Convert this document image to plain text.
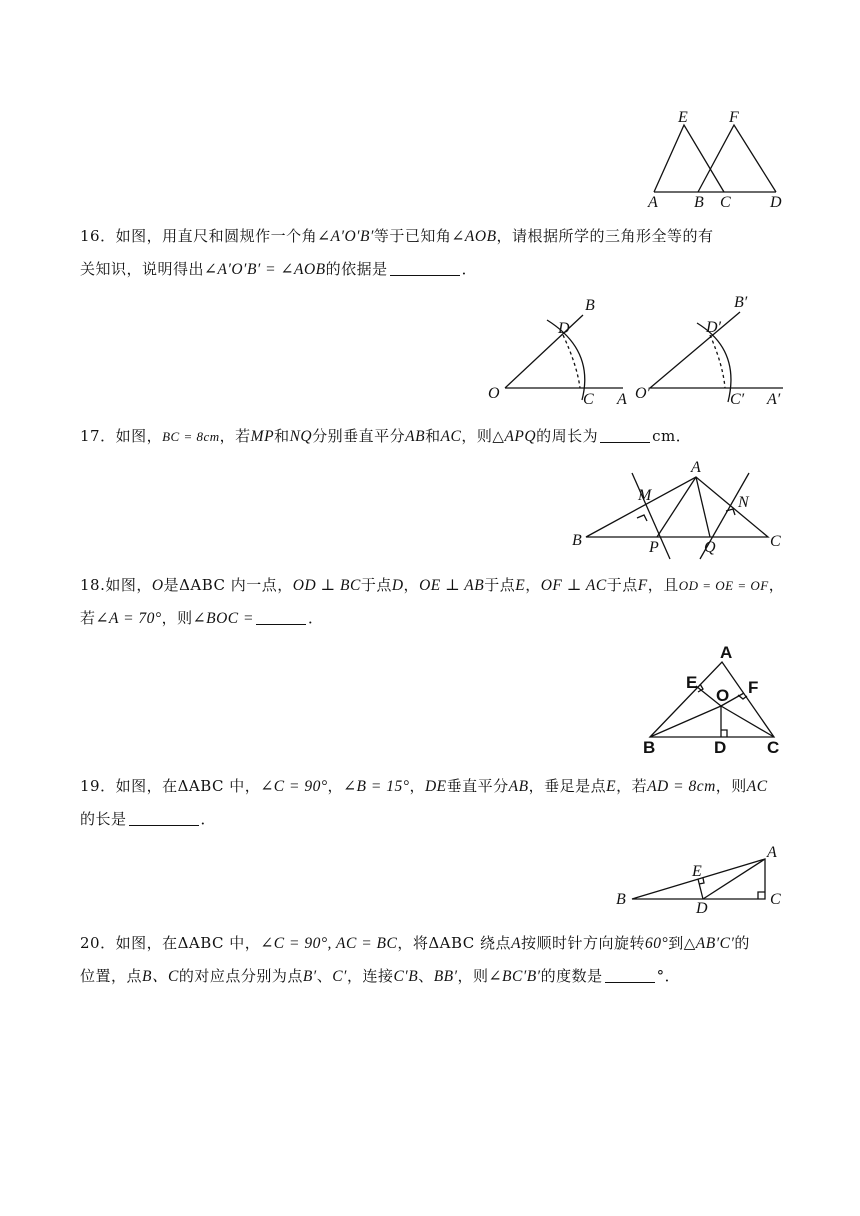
E	F
A B C D
16．如图，用直尺和圆规作一个角∠A′O′B′等于已知角∠AOB，请根据所学的三角形全等的有
关知识，说明得出∠A′O′B′ = ∠AOB的依据是	．
O	C A
D
B
O′	C′ A′
D′
B′
17．如图，BC = 8cm，若MP和NQ分别垂直平分AB和AC，则△APQ的周长为	cm．
A
B	C
M	N
P	Q
18.如图，O是ΔABC 内一点，OD ⊥ BC于点D，OE ⊥ AB于点E，OF ⊥ AC于点F，且OD = OE = OF，
若∠A = 70°，则∠BOC =	．
A
B	C
D
E
O F
19．如图，在ΔABC 中，∠C = 90°，∠B = 15°，DE垂直平分AB，垂足是点E，若AD = 8cm，则AC
的长是	．
A
B	C
D
E
20．如图，在ΔABC 中，∠C = 90°, AC = BC，将ΔABC 绕点A按顺时针方向旋转60°到△AB′C′的
位置，点B、C的对应点分别为点B′、C′，连接C′B、BB′，则∠BC′B′的度数是	°．
